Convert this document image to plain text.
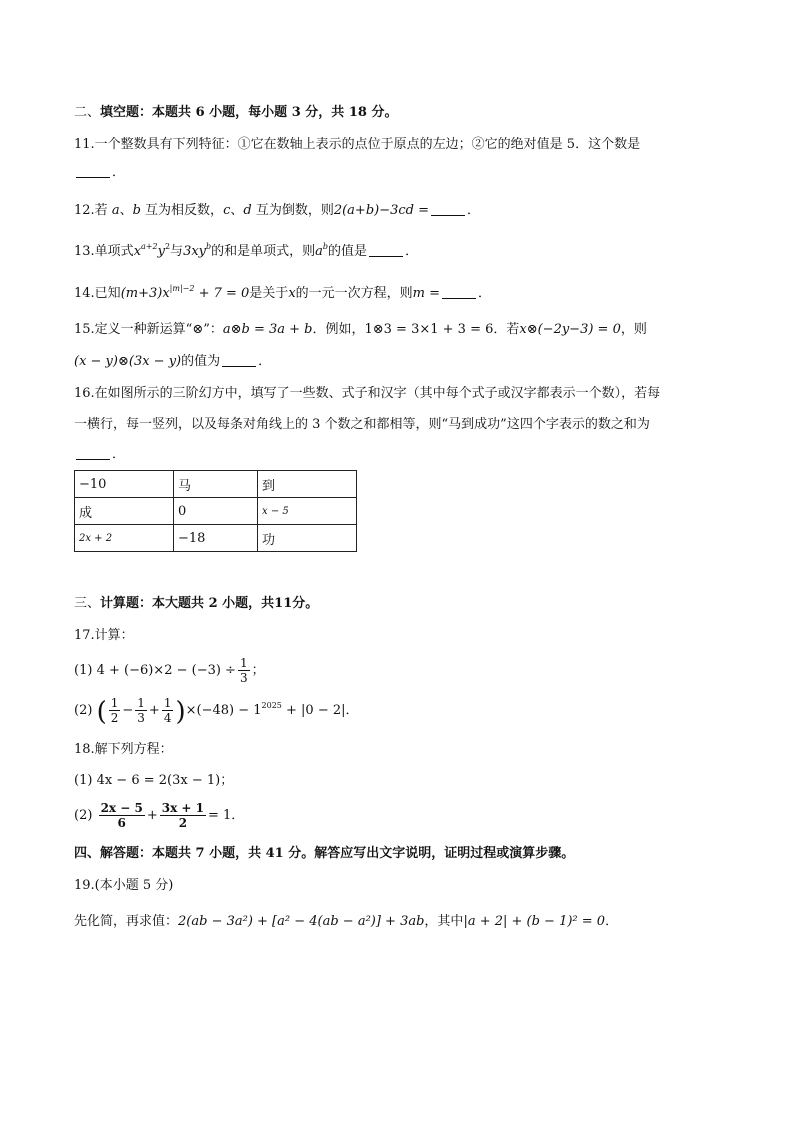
二、填空题：本题共 6 小题，每小题 3 分，共 18 分。
11.一个整数具有下列特征：①它在数轴上表示的点位于原点的左边；②它的绝对值是 5．这个数是
．
12.若 a、b 互为相反数，c、d 互为倒数，则2(a+b)−3cd =	．
13.单项式$x^{a+2}y^2$与$3xy^b$的和是单项式，则$a^b$的值是	．
14.已知$(m+3)x^{|m|-2} + 7 = 0$是关于x的一元一次方程，则m =	．
15.定义一种新运算“⊗”：a⊗b = 3a + b．例如，1⊗3 = 3×1 + 3 = 6．若x⊗(−2y−3) = 0，则
(x − y)⊗(3x − y)的值为	．
16.在如图所示的三阶幻方中，填写了一些数、式子和汉字（其中每个式子或汉字都表示一个数），若每
一横行，每一竖列，以及每条对角线上的 3 个数之和都相等，则“马到成功”这四个字表示的数之和为
．
−10	马	到
成	0	x − 5
2x + 2	−18	功
三、计算题：本大题共 2 小题，共11分。
17.计算：
(1) $4 + (-6)\times 2 - (-3) \div \frac{1}{3}$ ；
(2) ( $\frac{1}{2} - \frac{1}{3} + \frac{1}{4} )\times(-48) - 1^{2025} + |0 - 2|$．
18.解下列方程：
(1) 4x − 6 = 2(3x − 1)；
$(2) \frac{2x - 5}{6} + \frac{3x + 1}{2} = 1$．
四、解答题：本题共 7 小题，共 41 分。解答应写出文字说明，证明过程或演算步骤。
19.(本小题 5 分)
先化简，再求值：2(ab − 3a²) + [a² − 4(ab − a²)] + 3ab，其中|a + 2| + (b − 1)² = 0．
